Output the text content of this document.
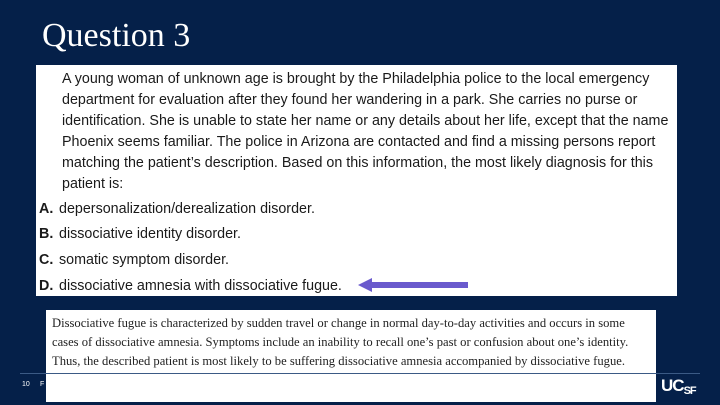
Question 3
A young woman of unknown age is brought by the Philadelphia police to the local emergency department for evaluation after they found her wandering in a park. She carries no purse or identification. She is unable to state her name or any details about her life, except that the name Phoenix seems familiar. The police in Arizona are contacted and find a missing persons report matching the patient’s description. Based on this information, the most likely diagnosis for this patient is:
A. depersonalization/derealization disorder.
B. dissociative identity disorder.
C. somatic symptom disorder.
D. dissociative amnesia with dissociative fugue.
Dissociative fugue is characterized by sudden travel or change in normal day-to-day activities and occurs in some cases of dissociative amnesia. Symptoms include an inability to recall one’s past or confusion about one’s identity. Thus, the described patient is most likely to be suffering dissociative amnesia accompanied by dissociative fugue.
10 F	$UC_{SF}$
